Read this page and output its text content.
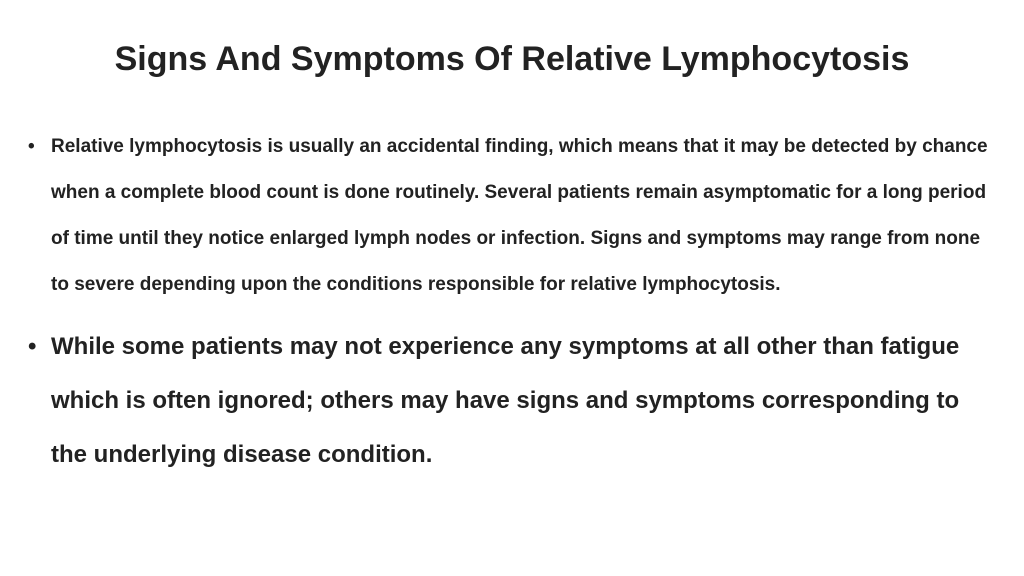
Signs And Symptoms Of Relative Lymphocytosis
• Relative lymphocytosis is usually an accidental finding, which means that it may be detected by chance when a complete blood count is done routinely. Several patients remain asymptomatic for a long period of time until they notice enlarged lymph nodes or infection. Signs and symptoms may range from none to severe depending upon the conditions responsible for relative lymphocytosis.
• While some patients may not experience any symptoms at all other than fatigue which is often ignored; others may have signs and symptoms corresponding to the underlying disease condition.
